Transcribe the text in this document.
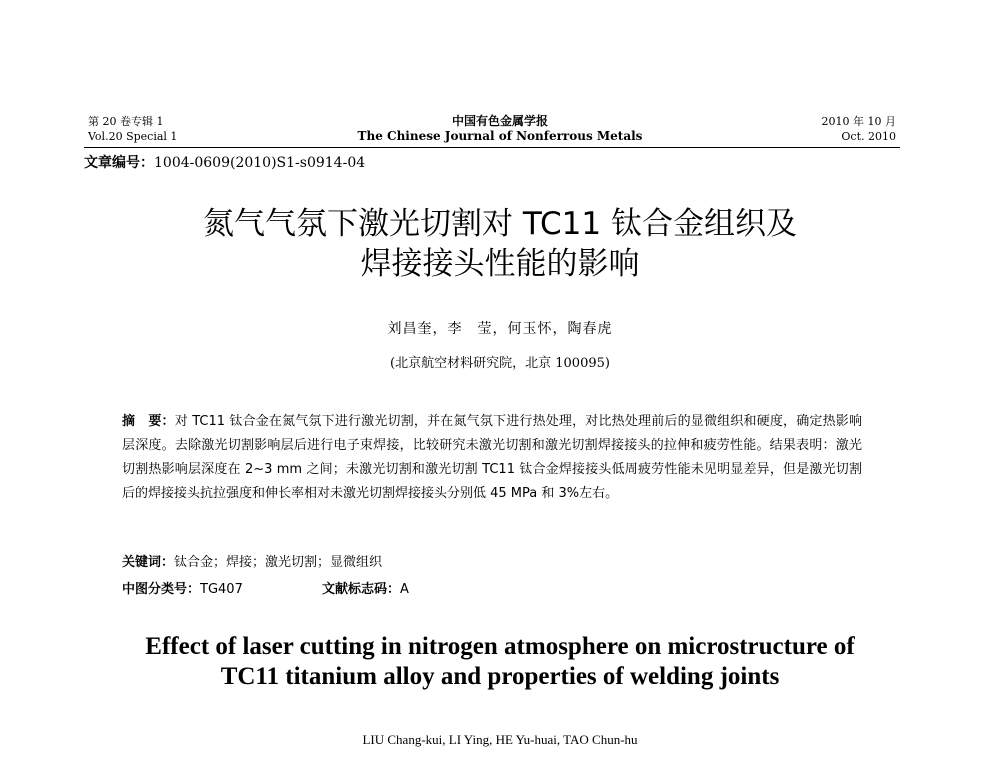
第 20 卷专辑 1
Vol.20 Special 1
中国有色金属学报
The Chinese Journal of Nonferrous Metals
2010 年 10 月
Oct. 2010
文章编号：1004-0609(2010)S1-s0914-04
氮气气氛下激光切割对 TC11 钛合金组织及
焊接接头性能的影响
刘昌奎，李　莹，何玉怀，陶春虎
(北京航空材料研究院，北京 100095)
摘　要：对 TC11 钛合金在氮气氛下进行激光切割，并在氮气氛下进行热处理，对比热处理前后的显微组织和硬度，确定热影响层深度。去除激光切割影响层后进行电子束焊接，比较研究未激光切割和激光切割焊接接头的拉伸和疲劳性能。结果表明：激光切割热影响层深度在 2~3 mm 之间；未激光切割和激光切割 TC11 钛合金焊接接头低周疲劳性能未见明显差异，但是激光切割后的焊接接头抗拉强度和伸长率相对未激光切割焊接接头分别低 45 MPa 和 3%左右。
关键词：钛合金；焊接；激光切割；显微组织
中图分类号：TG407	文献标志码：A
Effect of laser cutting in nitrogen atmosphere on microstructure of
TC11 titanium alloy and properties of welding joints
LIU Chang-kui, LI Ying, HE Yu-huai, TAO Chun-hu
